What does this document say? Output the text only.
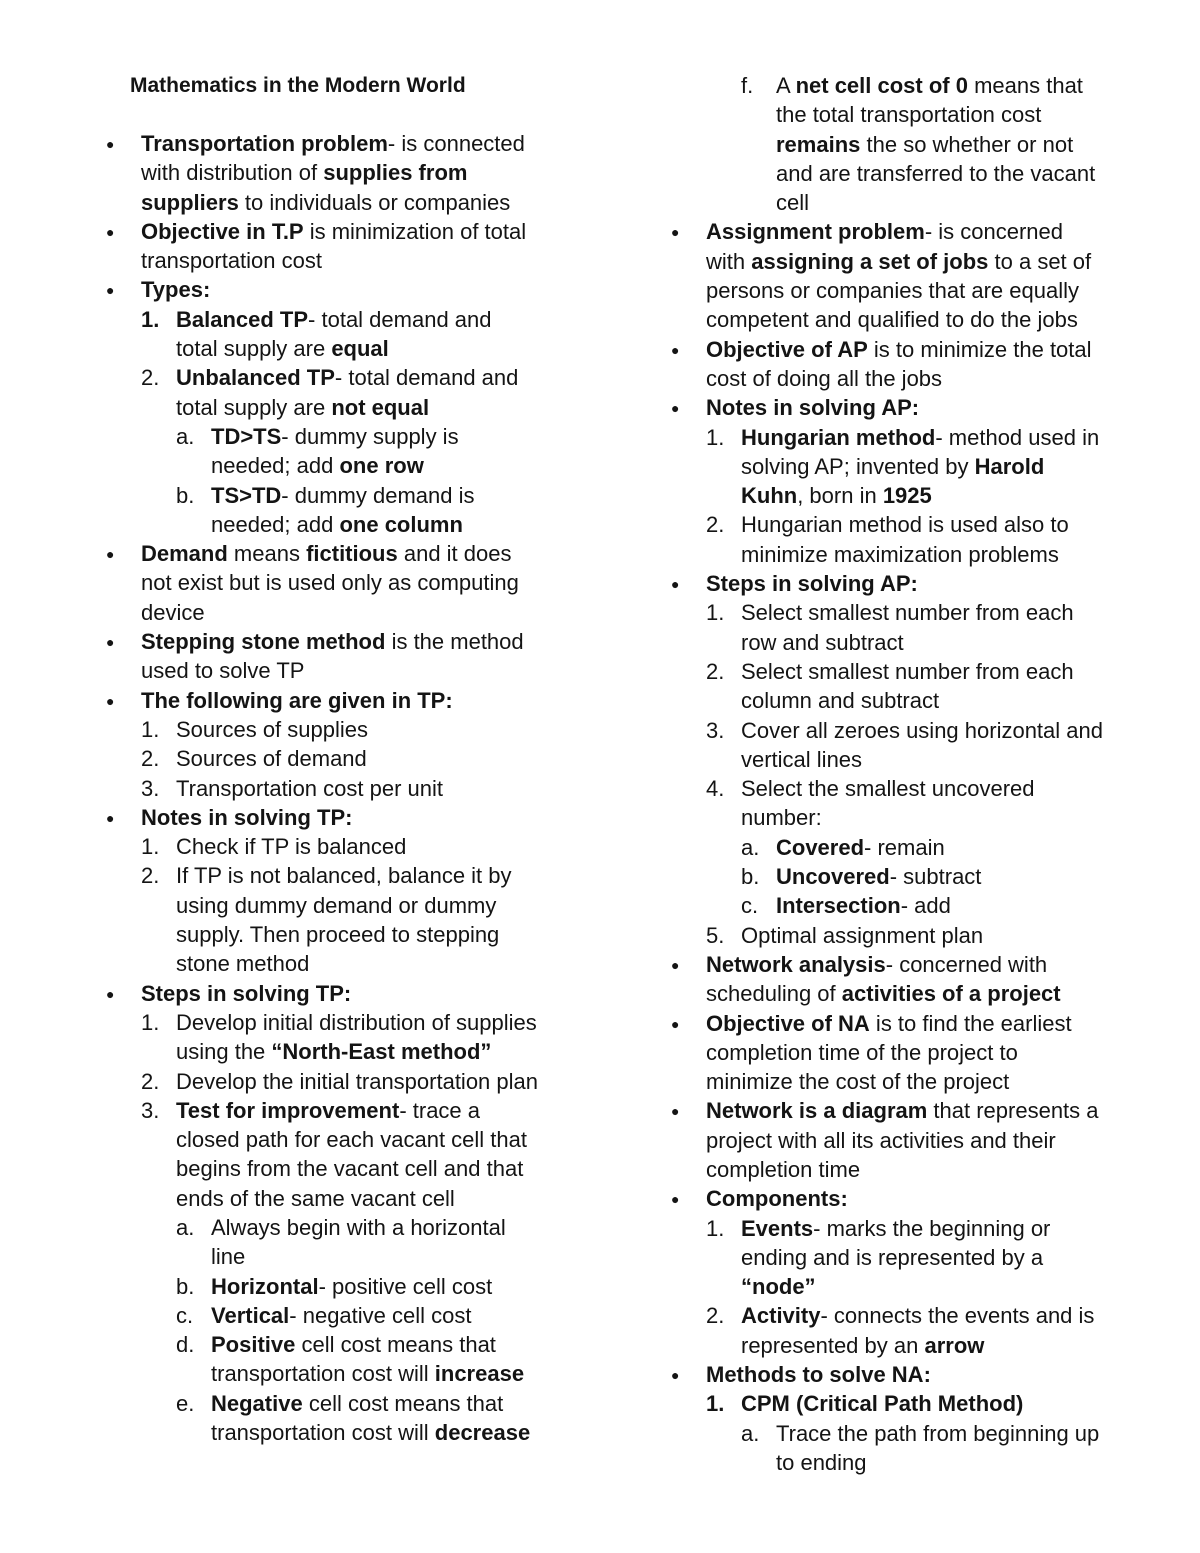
Mathematics in the Modern World
● Transportation problem- is connected
with distribution of supplies from
suppliers to individuals or companies
● Objective in T.P is minimization of total
transportation cost
● Types:
1. Balanced TP- total demand and
total supply are equal
2. Unbalanced TP- total demand and
total supply are not equal
a. TD>TS- dummy supply is
needed; add one row
b. TS>TD- dummy demand is
needed; add one column
● Demand means fictitious and it does
not exist but is used only as computing
device
● Stepping stone method is the method
used to solve TP
● The following are given in TP:
1. Sources of supplies
2. Sources of demand
3. Transportation cost per unit
● Notes in solving TP:
1. Check if TP is balanced
2. If TP is not balanced, balance it by
using dummy demand or dummy
supply. Then proceed to stepping
stone method
● Steps in solving TP:
1. Develop initial distribution of supplies
using the “North-East method”
2. Develop the initial transportation plan
3. Test for improvement- trace a
closed path for each vacant cell that
begins from the vacant cell and that
ends of the same vacant cell
a. Always begin with a horizontal
line
b. Horizontal- positive cell cost
c. Vertical- negative cell cost
d. Positive cell cost means that
transportation cost will increase
e. Negative cell cost means that
transportation cost will decrease
f. A net cell cost of 0 means that
the total transportation cost
remains the so whether or not
and are transferred to the vacant
cell
● Assignment problem- is concerned
with assigning a set of jobs to a set of
persons or companies that are equally
competent and qualified to do the jobs
● Objective of AP is to minimize the total
cost of doing all the jobs
● Notes in solving AP:
1. Hungarian method- method used in
solving AP; invented by Harold
Kuhn, born in 1925
2. Hungarian method is used also to
minimize maximization problems
● Steps in solving AP:
1. Select smallest number from each
row and subtract
2. Select smallest number from each
column and subtract
3. Cover all zeroes using horizontal and
vertical lines
4. Select the smallest uncovered
number:
a. Covered- remain
b. Uncovered- subtract
c. Intersection- add
5. Optimal assignment plan
● Network analysis- concerned with
scheduling of activities of a project
● Objective of NA is to find the earliest
completion time of the project to
minimize the cost of the project
● Network is a diagram that represents a
project with all its activities and their
completion time
● Components:
1. Events- marks the beginning or
ending and is represented by a
“node”
2. Activity- connects the events and is
represented by an arrow
● Methods to solve NA:
1. CPM (Critical Path Method)
a. Trace the path from beginning up
to ending
